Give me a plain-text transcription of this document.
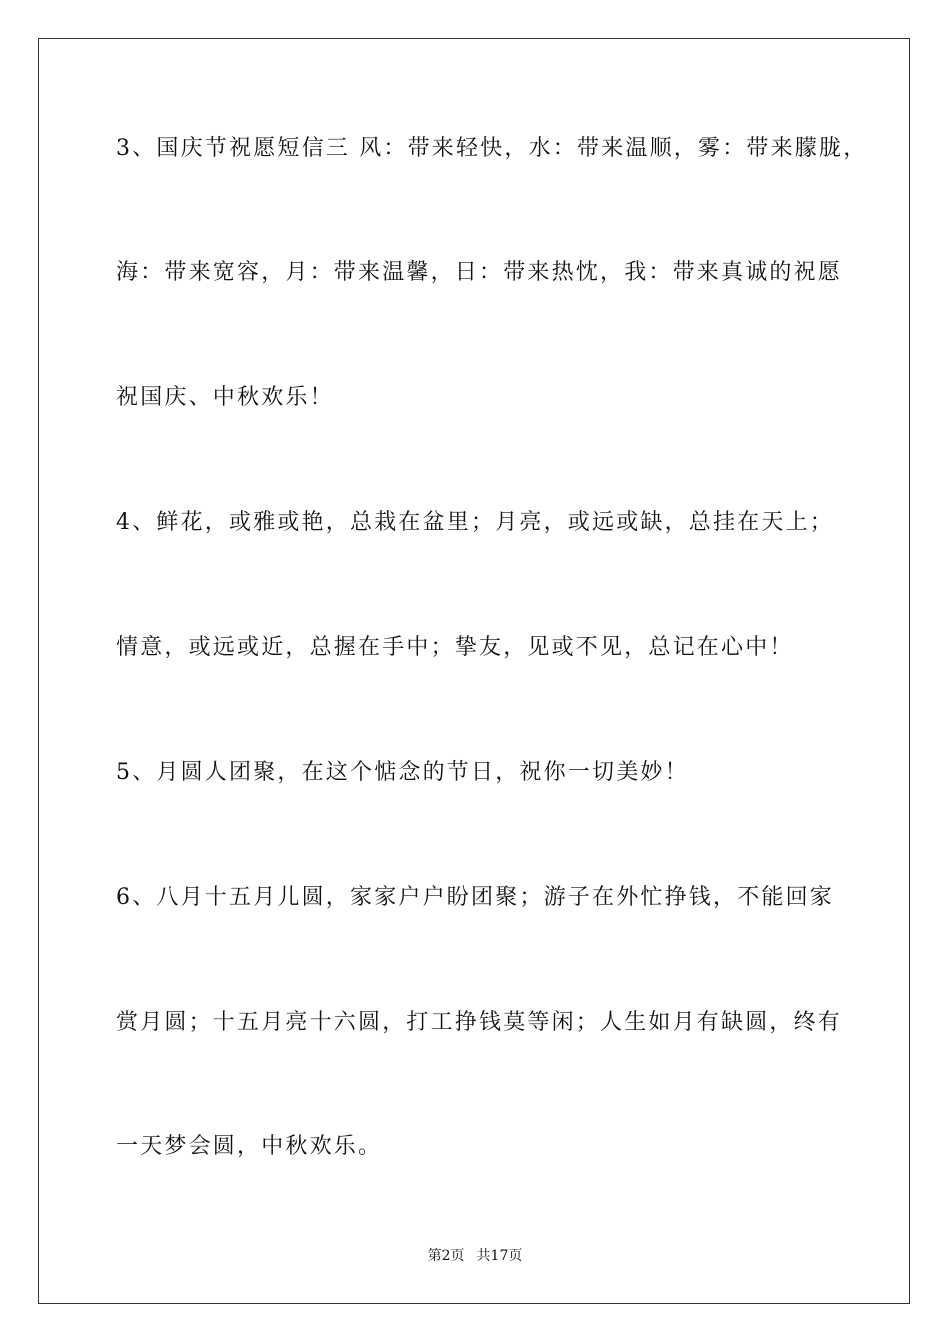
3、国庆节祝愿短信三 风：带来轻快，水：带来温顺，雾：带来朦胧，
海：带来宽容，月：带来温馨，日：带来热忱，我：带来真诚的祝愿
祝国庆、中秋欢乐！
4、鲜花，或雅或艳，总栽在盆里；月亮，或远或缺，总挂在天上；
情意，或远或近，总握在手中；挚友，见或不见，总记在心中！
5、月圆人团聚，在这个惦念的节日，祝你一切美妙！
6、八月十五月儿圆，家家户户盼团聚；游子在外忙挣钱，不能回家
赏月圆；十五月亮十六圆，打工挣钱莫等闲；人生如月有缺圆，终有
一天梦会圆，中秋欢乐。
第2页 共17页
